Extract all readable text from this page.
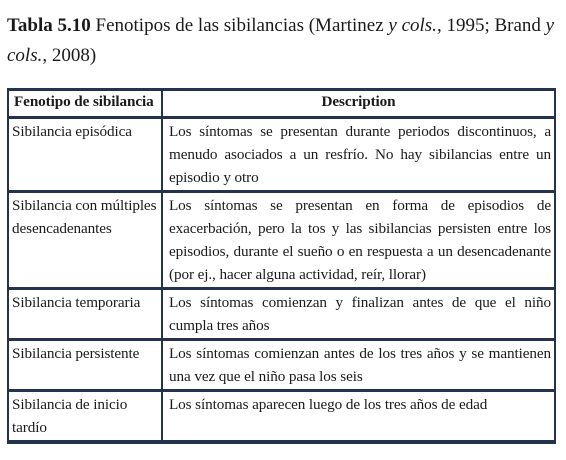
Tabla 5.10 Fenotipos de las sibilancias (Martinez y cols., 1995; Brand y cols., 2008)
Fenotipo de sibilancia	Description
Sibilancia episódica	Los síntomas se presentan durante periodos discontinuos, a menudo asociados a un resfrío. No hay sibilancias entre un episodio y otro
Sibilancia con múltiples desencadenantes	Los síntomas se presentan en forma de episodios de exacerbación, pero la tos y las sibilancias persisten entre los episodios, durante el sueño o en respuesta a un desencadenante (por ej., hacer alguna actividad, reír, llorar)
Sibilancia temporaria	Los síntomas comienzan y finalizan antes de que el niño cumpla tres años
Sibilancia persistente	Los síntomas comienzan antes de los tres años y se mantienen una vez que el niño pasa los seis
Sibilancia de inicio tardío	Los síntomas aparecen luego de los tres años de edad
